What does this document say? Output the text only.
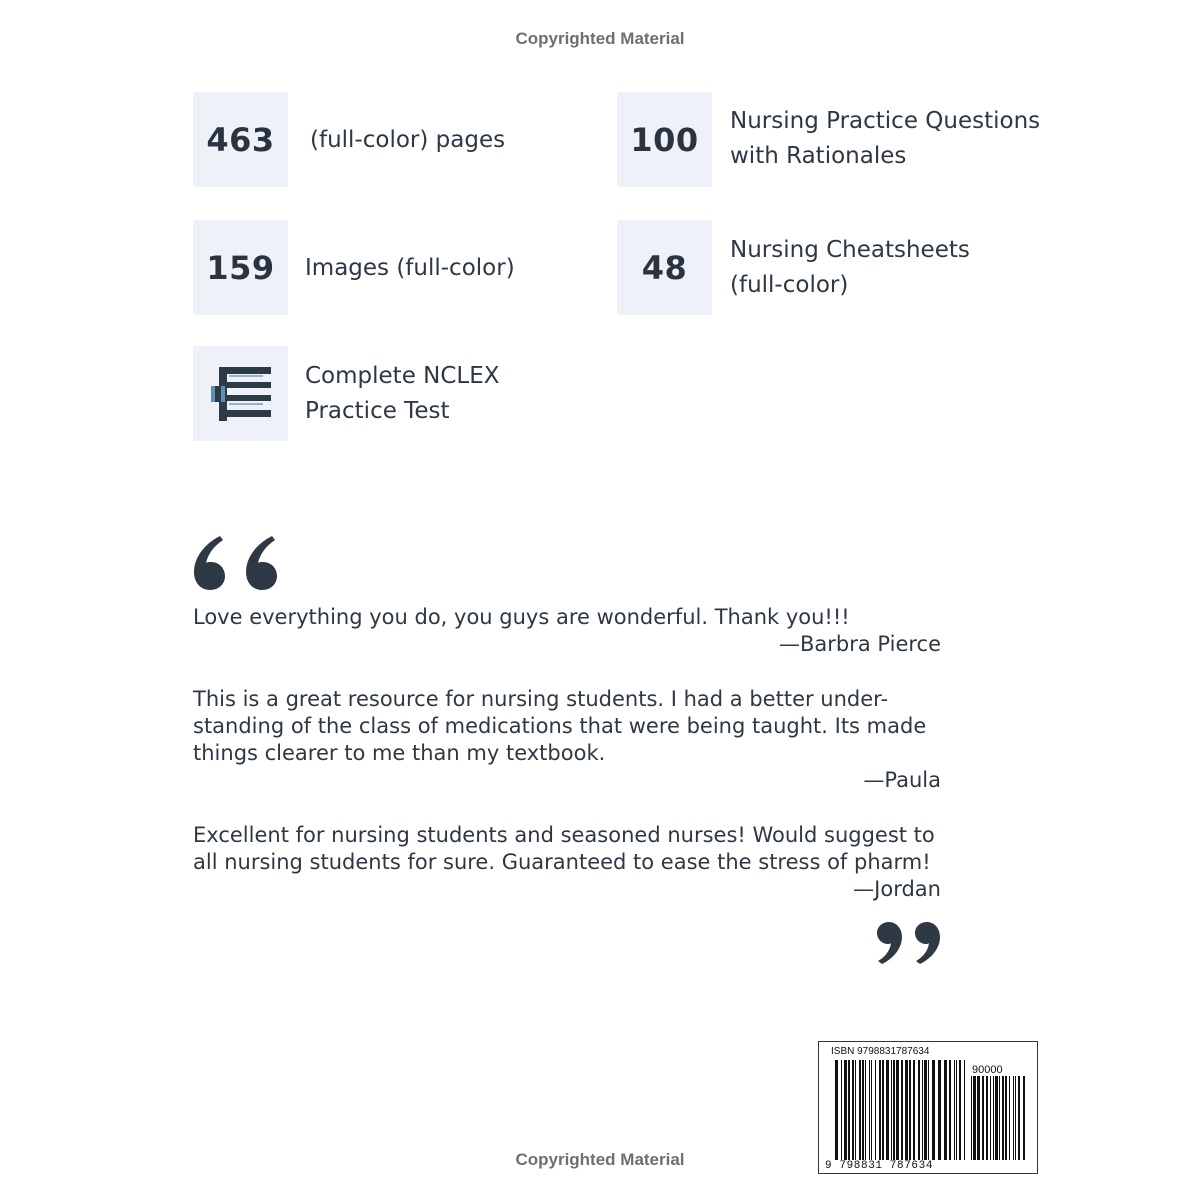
Copyrighted Material
463 (full-color) pages	100 Nursing Practice Questions
with Rationales
159 Images (full-color)	48 Nursing Cheatsheets
(full-color)
Complete NCLEX
Practice Test
Love everything you do, you guys are wonderful. Thank you!!!
—Barbra Pierce
This is a great resource for nursing students. I had a better under-
standing of the class of medications that were being taught. Its made
things clearer to me than my textbook.
—Paula
Excellent for nursing students and seasoned nurses! Would suggest to
all nursing students for sure. Guaranteed to ease the stress of pharm!
—Jordan
ISBN 9798831787634
90000
9 798831 787634
Copyrighted Material
